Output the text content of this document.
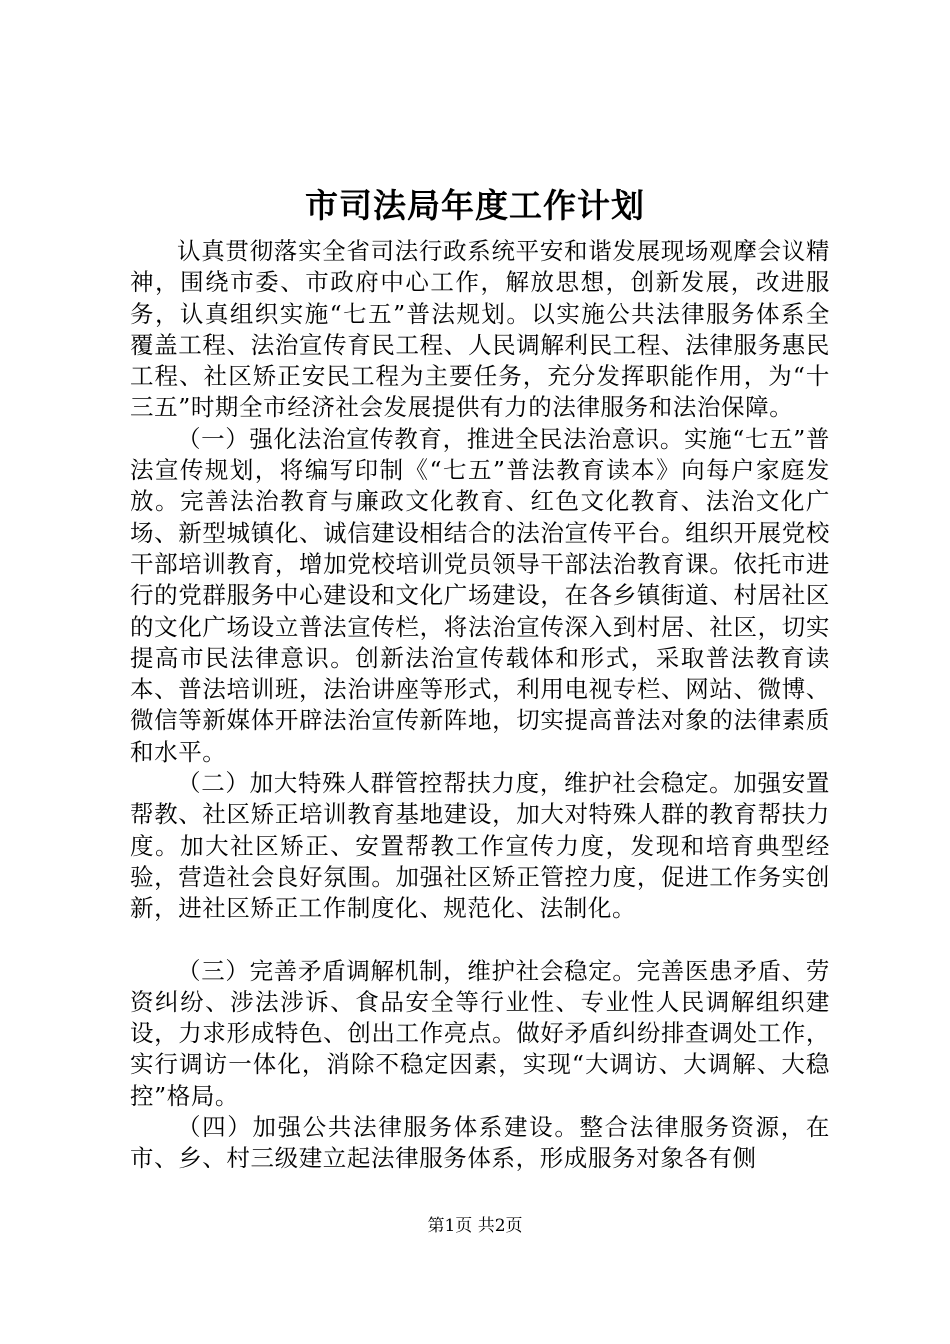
市司法局年度工作计划

认真贯彻落实全省司法行政系统平安和谐发展现场观摩会议精神，围绕市委、市政府中心工作，解放思想，创新发展，改进服务，认真组织实施“七五”普法规划。以实施公共法律服务体系全覆盖工程、法治宣传育民工程、人民调解利民工程、法律服务惠民工程、社区矫正安民工程为主要任务，充分发挥职能作用，为“十三五”时期全市经济社会发展提供有力的法律服务和法治保障。

（一）强化法治宣传教育，推进全民法治意识。实施“七五”普法宣传规划，将编写印制《“七五”普法教育读本》向每户家庭发放。完善法治教育与廉政文化教育、红色文化教育、法治文化广场、新型城镇化、诚信建设相结合的法治宣传平台。组织开展党校干部培训教育，增加党校培训党员领导干部法治教育课。依托市进行的党群服务中心建设和文化广场建设，在各乡镇街道、村居社区的文化广场设立普法宣传栏，将法治宣传深入到村居、社区，切实提高市民法律意识。创新法治宣传载体和形式，采取普法教育读本、普法培训班，法治讲座等形式，利用电视专栏、网站、微博、微信等新媒体开辟法治宣传新阵地，切实提高普法对象的法律素质和水平。

（二）加大特殊人群管控帮扶力度，维护社会稳定。加强安置帮教、社区矫正培训教育基地建设，加大对特殊人群的教育帮扶力度。加大社区矫正、安置帮教工作宣传力度，发现和培育典型经验，营造社会良好氛围。加强社区矫正管控力度，促进工作务实创新，进社区矫正工作制度化、规范化、法制化。

（三）完善矛盾调解机制，维护社会稳定。完善医患矛盾、劳资纠纷、涉法涉诉、食品安全等行业性、专业性人民调解组织建设，力求形成特色、创出工作亮点。做好矛盾纠纷排查调处工作，实行调访一体化，消除不稳定因素，实现“大调访、大调解、大稳控”格局。

（四）加强公共法律服务体系建设。整合法律服务资源，在市、乡、村三级建立起法律服务体系，形成服务对象各有侧

第1页 共2页
